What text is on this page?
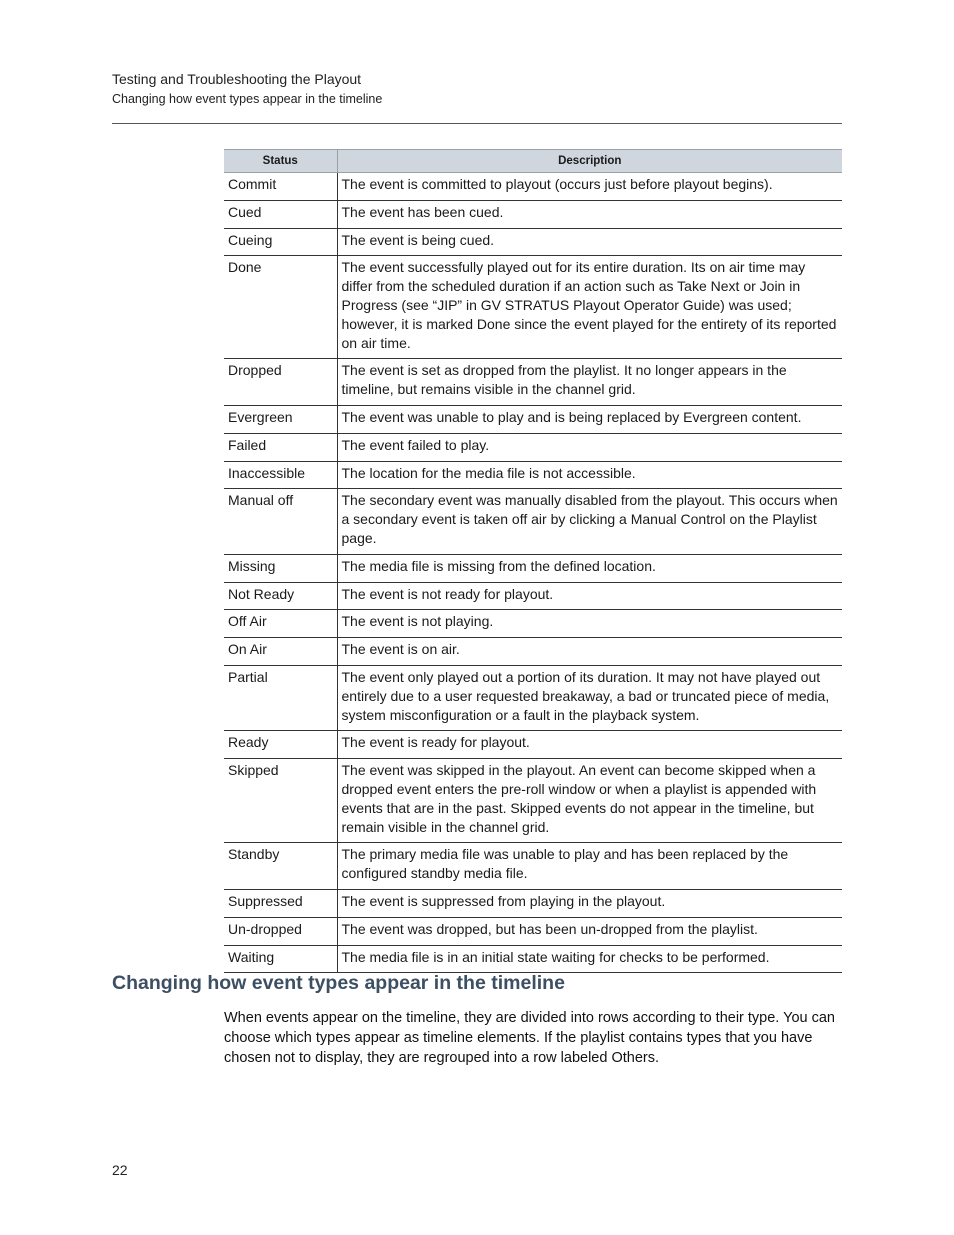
Testing and Troubleshooting the Playout
Changing how event types appear in the timeline
Status	Description
Commit	The event is committed to playout (occurs just before playout begins).
Cued	The event has been cued.
Cueing	The event is being cued.
Done	The event successfully played out for its entire duration. Its on air time may differ from the scheduled duration if an action such as Take Next or Join in Progress (see “JIP” in GV STRATUS Playout Operator Guide) was used; however, it is marked Done since the event played for the entirety of its reported on air time.
Dropped	The event is set as dropped from the playlist. It no longer appears in the timeline, but remains visible in the channel grid.
Evergreen	The event was unable to play and is being replaced by Evergreen content.
Failed	The event failed to play.
Inaccessible	The location for the media file is not accessible.
Manual off	The secondary event was manually disabled from the playout. This occurs when a secondary event is taken off air by clicking a Manual Control on the Playlist page.
Missing	The media file is missing from the defined location.
Not Ready	The event is not ready for playout.
Off Air	The event is not playing.
On Air	The event is on air.
Partial	The event only played out a portion of its duration. It may not have played out entirely due to a user requested breakaway, a bad or truncated piece of media, system misconfiguration or a fault in the playback system.
Ready	The event is ready for playout.
Skipped	The event was skipped in the playout. An event can become skipped when a dropped event enters the pre-roll window or when a playlist is appended with events that are in the past. Skipped events do not appear in the timeline, but remain visible in the channel grid.
Standby	The primary media file was unable to play and has been replaced by the configured standby media file.
Suppressed	The event is suppressed from playing in the playout.
Un-dropped	The event was dropped, but has been un-dropped from the playlist.
Waiting	The media file is in an initial state waiting for checks to be performed.
Changing how event types appear in the timeline

When events appear on the timeline, they are divided into rows according to their type. You can choose which types appear as timeline elements. If the playlist contains types that you have chosen not to display, they are regrouped into a row labeled Others.

22
